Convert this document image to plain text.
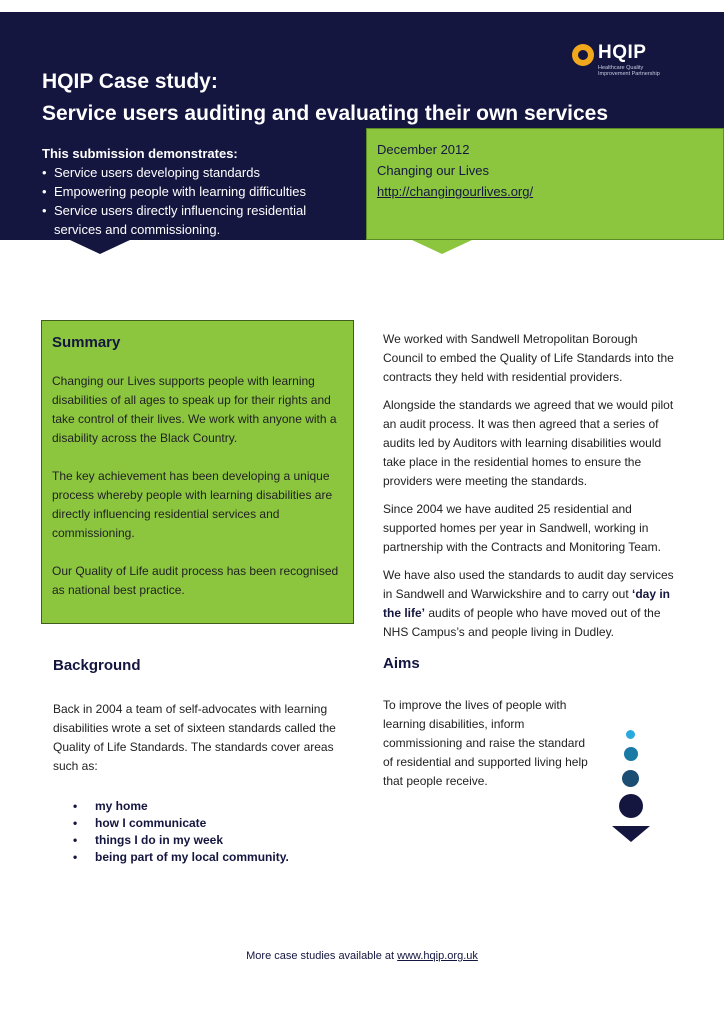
HQIP Case study:
Service users auditing and evaluating their own services
HQIP
Healthcare Quality Improvement Partnership
This submission demonstrates:
• Service users developing standards
• Empowering people with learning difficulties
• Service users directly influencing residential services and commissioning.
December 2012
Changing our Lives
http://changingourlives.org/
Summary

Changing our Lives supports people with learning disabilities of all ages to speak up for their rights and take control of their lives. We work with anyone with a disability across the Black Country.

The key achievement has been developing a unique process whereby people with learning disabilities are directly influencing residential services and commissioning.

Our Quality of Life audit process has been recognised as national best practice.

Background

Back in 2004 a team of self-advocates with learning disabilities wrote a set of sixteen standards called the Quality of Life Standards. The standards cover areas such as:

• my home
• how I communicate
• things I do in my week
• being part of my local community.

We worked with Sandwell Metropolitan Borough Council to embed the Quality of Life Standards into the contracts they held with residential providers.

Alongside the standards we agreed that we would pilot an audit process. It was then agreed that a series of audits led by Auditors with learning disabilities would take place in the residential homes to ensure the providers were meeting the standards.

Since 2004 we have audited 25 residential and supported homes per year in Sandwell, working in partnership with the Contracts and Monitoring Team.

We have also used the standards to audit day services in Sandwell and Warwickshire and to carry out ‘day in the life’ audits of people who have moved out of the NHS Campus’s and people living in Dudley.

Aims

To improve the lives of people with learning disabilities, inform commissioning and raise the standard of residential and supported living help that people receive.

More case studies available at www.hqip.org.uk
